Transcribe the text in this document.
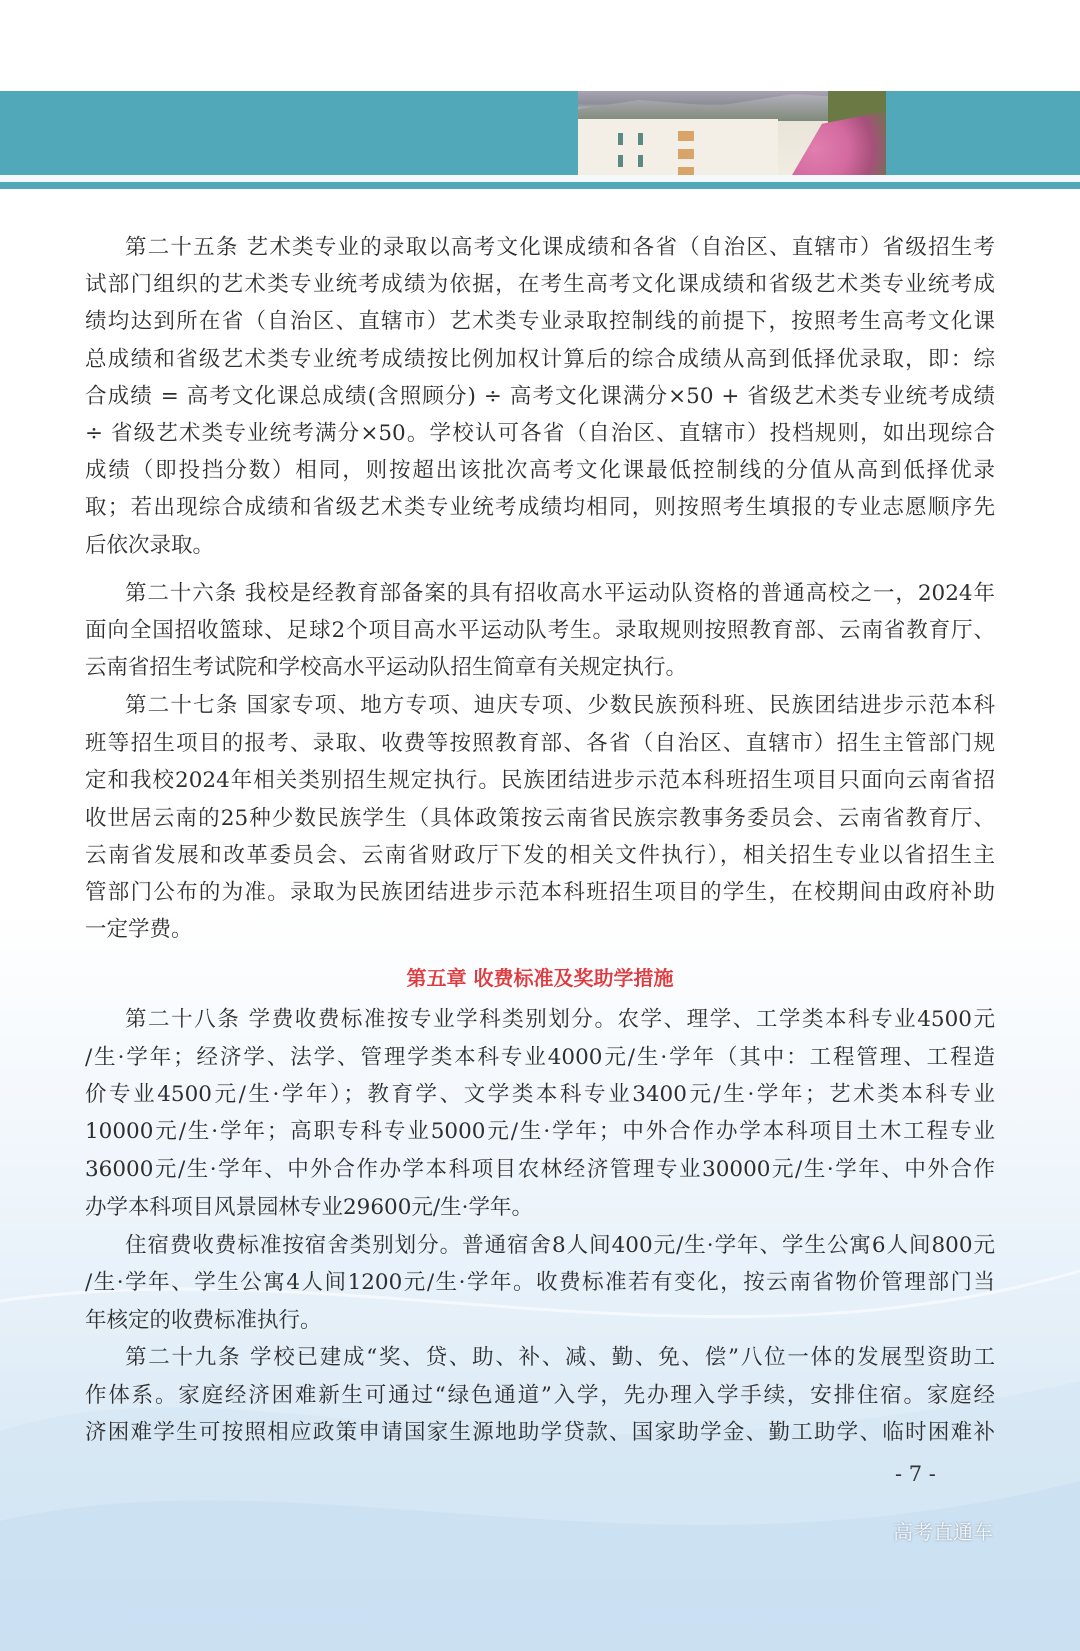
第二十五条 艺术类专业的录取以高考文化课成绩和各省（自治区、直辖市）省级招生考
试部门组织的艺术类专业统考成绩为依据，在考生高考文化课成绩和省级艺术类专业统考成
绩均达到所在省（自治区、直辖市）艺术类专业录取控制线的前提下，按照考生高考文化课
总成绩和省级艺术类专业统考成绩按比例加权计算后的综合成绩从高到低择优录取，即：综
合成绩 = 高考文化课总成绩(含照顾分) ÷ 高考文化课满分×50 + 省级艺术类专业统考成绩
÷ 省级艺术类专业统考满分×50。学校认可各省（自治区、直辖市）投档规则，如出现综合
成绩（即投挡分数）相同，则按超出该批次高考文化课最低控制线的分值从高到低择优录
取；若出现综合成绩和省级艺术类专业统考成绩均相同，则按照考生填报的专业志愿顺序先
后依次录取。
第二十六条 我校是经教育部备案的具有招收高水平运动队资格的普通高校之一，2024年
面向全国招收篮球、足球2个项目高水平运动队考生。录取规则按照教育部、云南省教育厅、
云南省招生考试院和学校高水平运动队招生简章有关规定执行。
第二十七条 国家专项、地方专项、迪庆专项、少数民族预科班、民族团结进步示范本科
班等招生项目的报考、录取、收费等按照教育部、各省（自治区、直辖市）招生主管部门规
定和我校2024年相关类别招生规定执行。民族团结进步示范本科班招生项目只面向云南省招
收世居云南的25种少数民族学生（具体政策按云南省民族宗教事务委员会、云南省教育厅、
云南省发展和改革委员会、云南省财政厅下发的相关文件执行），相关招生专业以省招生主
管部门公布的为准。录取为民族团结进步示范本科班招生项目的学生，在校期间由政府补助
一定学费。
第二十八条 学费收费标准按专业学科类别划分。农学、理学、工学类本科专业4500元
/生·学年；经济学、法学、管理学类本科专业4000元/生·学年（其中：工程管理、工程造
价专业4500元/生·学年）；教育学、文学类本科专业3400元/生·学年；艺术类本科专业
10000元/生·学年；高职专科专业5000元/生·学年；中外合作办学本科项目土木工程专业
36000元/生·学年、中外合作办学本科项目农林经济管理专业30000元/生·学年、中外合作
办学本科项目风景园林专业29600元/生·学年。
住宿费收费标准按宿舍类别划分。普通宿舍8人间400元/生·学年、学生公寓6人间800元
/生·学年、学生公寓4人间1200元/生·学年。收费标准若有变化，按云南省物价管理部门当
年核定的收费标准执行。
第二十九条 学校已建成“奖、贷、助、补、减、勤、免、偿”八位一体的发展型资助工
作体系。家庭经济困难新生可通过“绿色通道”入学，先办理入学手续，安排住宿。家庭经
济困难学生可按照相应政策申请国家生源地助学贷款、国家助学金、勤工助学、临时困难补
第五章 收费标准及奖助学措施
- 7 -
高考直通车
